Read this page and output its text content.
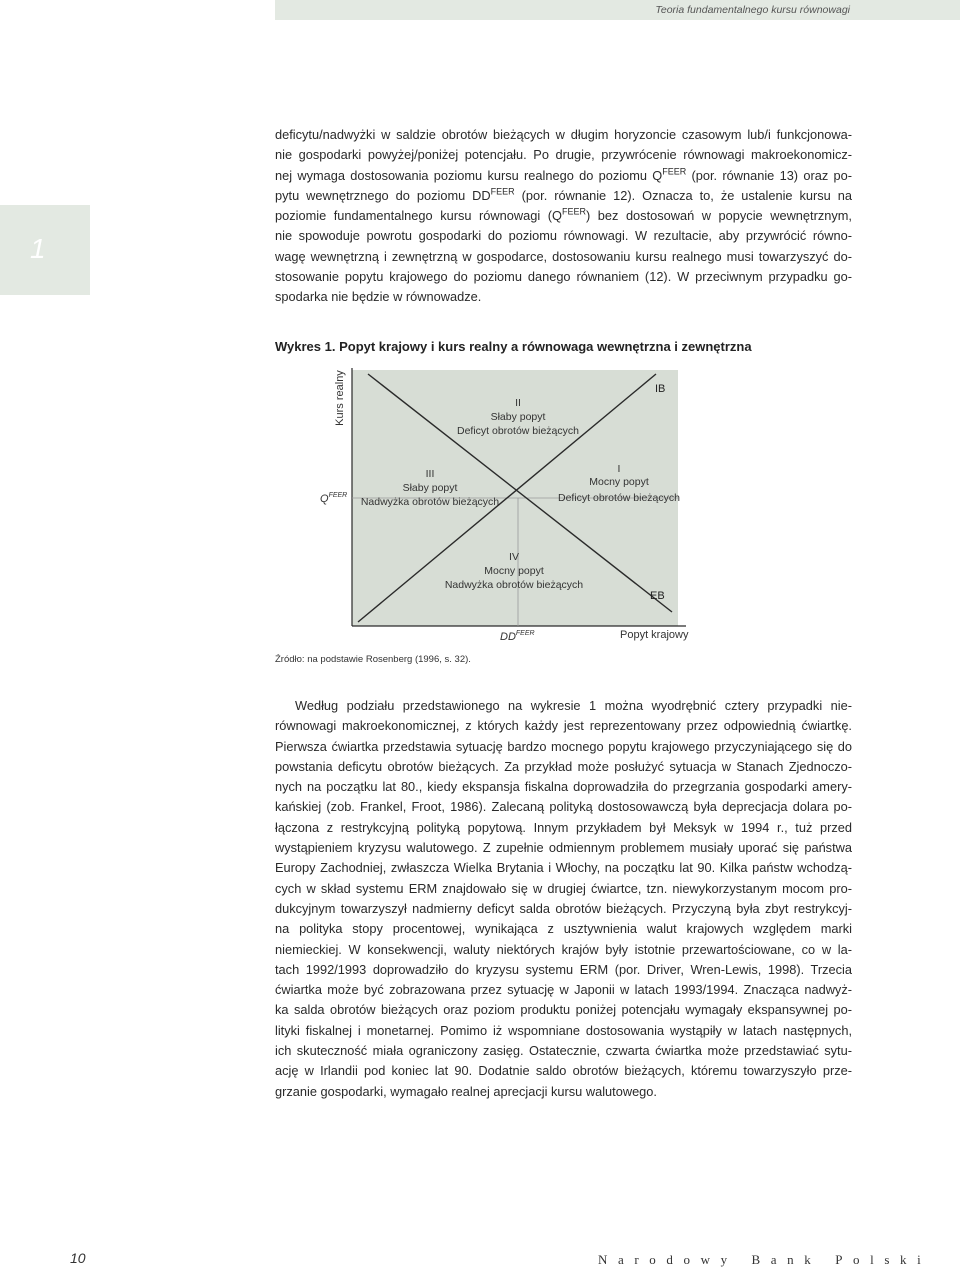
Teoria fundamentalnego kursu równowagi
1
deficytu/nadwyżki w saldzie obrotów bieżących w długim horyzoncie czasowym lub/i funkcjonowa-
nie gospodarki powyżej/poniżej potencjału. Po drugie, przywrócenie równowagi makroekonomicz-
nej wymaga dostosowania poziomu kursu realnego do poziomu $Q^{FEER}$ (por. równanie 13) oraz po-
pytu wewnętrznego do poziomu $DD^{FEER}$ (por. równanie 12). Oznacza to, że ustalenie kursu na
poziomie fundamentalnego kursu równowagi $(Q^{FEER})$ bez dostosowań w popycie wewnętrznym,
nie spowoduje powrotu gospodarki do poziomu równowagi. W rezultacie, aby przywrócić równo-
wagę wewnętrzną i zewnętrzną w gospodarce, dostosowaniu kursu realnego musi towarzyszyć do-
stosowanie popytu krajowego do poziomu danego równaniem (12). W przeciwnym przypadku go-
spodarka nie będzie w równowadze.
Wykres 1. Popyt krajowy i kurs realny a równowaga wewnętrzna i zewnętrzna
Kurs realny
$Q^{FEER}$
$DD^{FEER}$	Popyt krajowy
IB
EB
I
Mocny popyt
Deficyt obrotów bieżących
II
Słaby popyt
Deficyt obrotów bieżących
III
Słaby popyt
Nadwyżka obrotów bieżących
IV
Mocny popyt
Nadwyżka obrotów bieżących
Źródło: na podstawie Rosenberg (1996, s. 32).
Według podziału przedstawionego na wykresie 1 można wyodrębnić cztery przypadki nie-
równowagi makroekonomicznej, z których każdy jest reprezentowany przez odpowiednią ćwiartkę.
Pierwsza ćwiartka przedstawia sytuację bardzo mocnego popytu krajowego przyczyniającego się do
powstania deficytu obrotów bieżących. Za przykład może posłużyć sytuacja w Stanach Zjednoczo-
nych na początku lat 80., kiedy ekspansja fiskalna doprowadziła do przegrzania gospodarki amery-
kańskiej (zob. Frankel, Froot, 1986). Zalecaną polityką dostosowawczą była deprecjacja dolara po-
łączona z restrykcyjną polityką popytową. Innym przykładem był Meksyk w 1994 r., tuż przed
wystąpieniem kryzysu walutowego. Z zupełnie odmiennym problemem musiały uporać się państwa
Europy Zachodniej, zwłaszcza Wielka Brytania i Włochy, na początku lat 90. Kilka państw wchodzą-
cych w skład systemu ERM znajdowało się w drugiej ćwiartce, tzn. niewykorzystanym mocom pro-
dukcyjnym towarzyszył nadmierny deficyt salda obrotów bieżących. Przyczyną była zbyt restrykcyj-
na polityka stopy procentowej, wynikająca z usztywnienia walut krajowych względem marki
niemieckiej. W konsekwencji, waluty niektórych krajów były istotnie przewartościowane, co w la-
tach 1992/1993 doprowadziło do kryzysu systemu ERM (por. Driver, Wren-Lewis, 1998). Trzecia
ćwiartka może być zobrazowana przez sytuację w Japonii w latach 1993/1994. Znacząca nadwyż-
ka salda obrotów bieżących oraz poziom produktu poniżej potencjału wymagały ekspansywnej po-
lityki fiskalnej i monetarnej. Pomimo iż wspomniane dostosowania wystąpiły w latach następnych,
ich skuteczność miała ograniczony zasięg. Ostatecznie, czwarta ćwiartka może przedstawiać sytu-
ację w Irlandii pod koniec lat 90. Dodatnie saldo obrotów bieżących, któremu towarzyszyło prze-
grzanie gospodarki, wymagało realnej aprecjacji kursu walutowego.
10	Narodowy Bank Polski
